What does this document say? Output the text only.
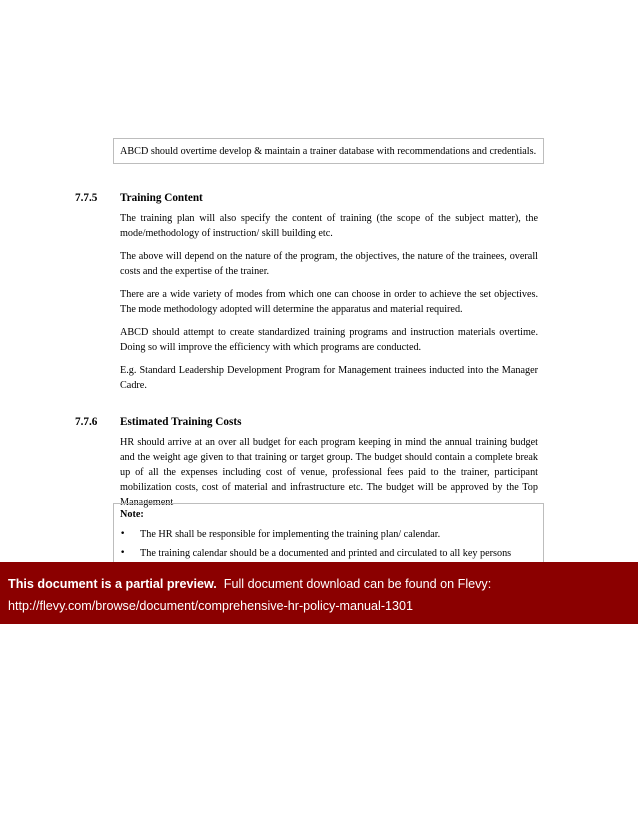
ABCD should overtime develop & maintain a trainer database with recommendations and credentials.
7.7.5 Training Content

The training plan will also specify the content of training (the scope of the subject matter), the mode/methodology of instruction/ skill building etc.

The above will depend on the nature of the program, the objectives, the nature of the trainees, overall costs and the expertise of the trainer.

There are a wide variety of modes from which one can choose in order to achieve the set objectives. The mode methodology adopted will determine the apparatus and material required.

ABCD should attempt to create standardized training programs and instruction materials overtime. Doing so will improve the efficiency with which programs are conducted.

E.g. Standard Leadership Development Program for Management trainees inducted into the Manager Cadre.

7.7.6 Estimated Training Costs

HR should arrive at an over all budget for each program keeping in mind the annual training budget and the weight age given to that training or target group. The budget should contain a complete break up of all the expenses including cost of venue, professional fees paid to the trainer, participant mobilization costs, cost of material and infrastructure etc. The budget will be approved by the Top Management

Note:
• The HR shall be responsible for implementing the training plan/ calendar.
• The training calendar should be a documented and printed and circulated to all key persons
This document is a partial preview. Full document download can be found on Flevy:
http://flevy.com/browse/document/comprehensive-hr-policy-manual-1301
